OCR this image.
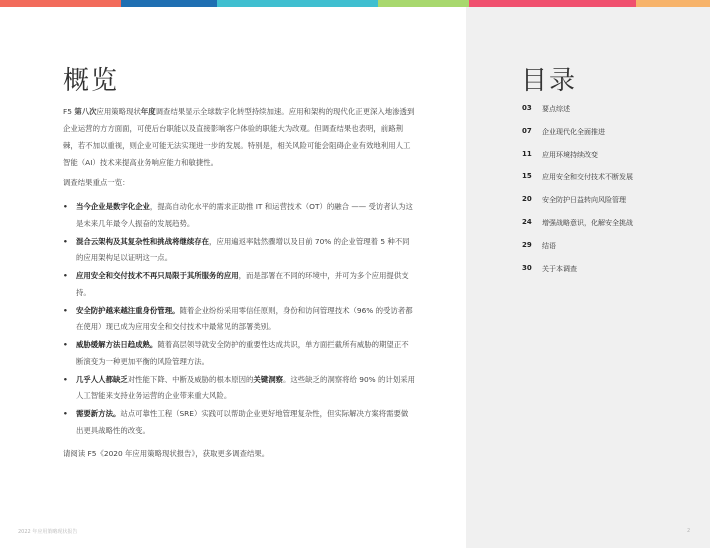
概览

F5 第八次应用策略现状年度调查结果显示全球数字化转型持续加速。应用和架构的现代化正更深入地渗透到企业运营的方方面面，可使后台职能以及直接影响客户体验的职能大为改观。但调查结果也表明，前路荆棘，若不加以重视，则企业可能无法实现进一步的发展。特别是，相关风险可能会阻碍企业有效地利用人工智能（AI）技术来提高业务响应能力和敏捷性。

调查结果重点一览：
• 当今企业是数字化企业，提高自动化水平的需求正助推 IT 和运营技术（OT）的融合 —— 受访者认为这是未来几年最令人振奋的发展趋势。
• 混合云架构及其复杂性和挑战将继续存在，应用遍返率陆然骤增以及目前 70% 的企业管理着 5 种不同的应用架构足以证明这一点。
• 应用安全和交付技术不再只局限于其所服务的应用，而是部署在不同的环境中，并可为多个应用提供支持。
• 安全防护越来越注重身份管理。随着企业纷纷采用零信任原则，身份和访问管理技术（96% 的受访者都在使用）现已成为应用安全和交付技术中最常见的部署类别。
• 威胁缓解方法日趋成熟。随着高层领导就安全防护的重要性达成共识，单方面拦截所有威胁的期望正不断演变为一种更加平衡的风险管理方法。
• 几乎人人都缺乏对性能下降、中断及威胁的根本原因的关键洞察。这些缺乏的洞察将给 90% 的计划采用人工智能来支持业务运营的企业带来重大风险。
• 需要新方法。站点可靠性工程（SRE）实践可以帮助企业更好地管理复杂性，但实际解决方案将需要做出更具战略性的改变。
请阅读 F5《2020 年应用策略现状报告》，获取更多调查结果。
目录
03	要点综述
07	企业现代化全面推进
11	应用环境持续改变
15	应用安全和交付技术不断发展
20	安全防护日益转向风险管理
24	增强战略意识，化解安全挑战
29	结语
30	关于本调查
2022 年应用策略现状报告	2
